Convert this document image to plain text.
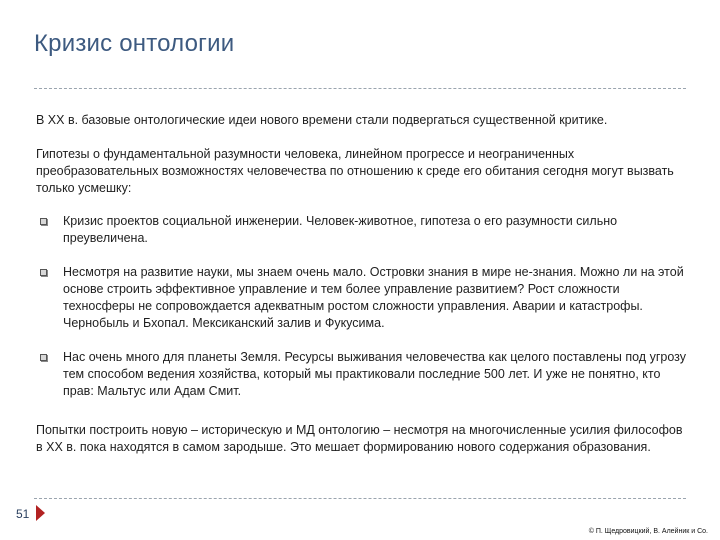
Кризис онтологии

В XX в. базовые онтологические идеи нового времени стали подвергаться существенной критике.

Гипотезы о фундаментальной разумности человека, линейном прогрессе и неограниченных преобразовательных возможностях человечества по отношению к среде его обитания сегодня могут вызвать только усмешку:

Кризис проектов социальной инженерии. Человек-животное, гипотеза о его разумности сильно преувеличена.
Несмотря на развитие науки, мы знаем очень мало. Островки знания в мире не-знания. Можно ли на этой основе строить эффективное управление и тем более управление развитием? Рост сложности техносферы не сопровождается адекватным ростом сложности управления. Аварии и катастрофы. Чернобыль и Бхопал. Мексиканский залив и Фукусима.
Нас очень много для планеты Земля. Ресурсы выживания человечества как целого поставлены под угрозу тем способом ведения хозяйства, который мы практиковали последние 500 лет. И уже не понятно, кто прав: Мальтус или Адам Смит.

Попытки построить новую – историческую и МД онтологию – несмотря на многочисленные усилия философов в XX в. пока находятся в самом зародыше. Это мешает формированию нового содержания образования.

51
© П. Щедровицкий, В. Алейник и Со.
